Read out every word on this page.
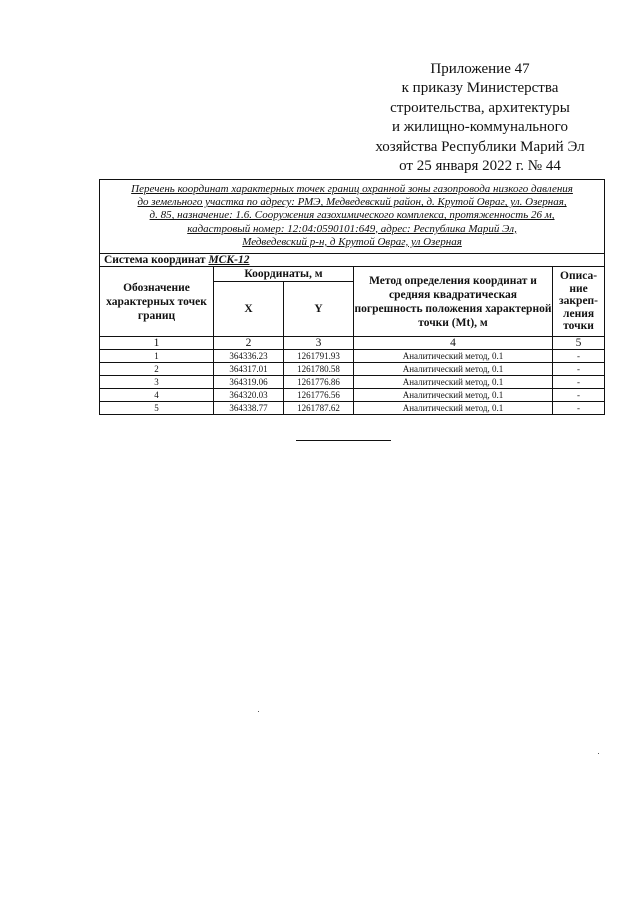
Приложение 47
к приказу Министерства
строительства, архитектуры
и жилищно-коммунального
хозяйства Республики Марий Эл
от 25 января 2022 г. № 44
Перечень координат характерных точек границ охранной зоны газопровода низкого давления
до земельного участка по адресу: РМЭ, Медведевский район, д. Крутой Овраг, ул. Озерная,
д. 85, назначение: 1.6. Сооружения газохимического комплекса, протяженность 26 м,
кадастровый номер: 12:04:0590101:649, адрес: Республика Марий Эл,
Медведевский р-н, д Крутой Овраг, ул Озерная				

Система координат МСК-12				
Обозначение характерных точек границ	Координаты, м		Метод определения координат и средняя квадратическая погрешность положения характерной точки (Mt), м	Описа-ние закреп-ления точки
	X	Y		
1	2	3	4	5
1	364336.23	1261791.93	Аналитический метод, 0.1	-
2	364317.01	1261780.58	Аналитический метод, 0.1	-
3	364319.06	1261776.86	Аналитический метод, 0.1	-
4	364320.03	1261776.56	Аналитический метод, 0.1	-
5	364338.77	1261787.62	Аналитический метод, 0.1	-
